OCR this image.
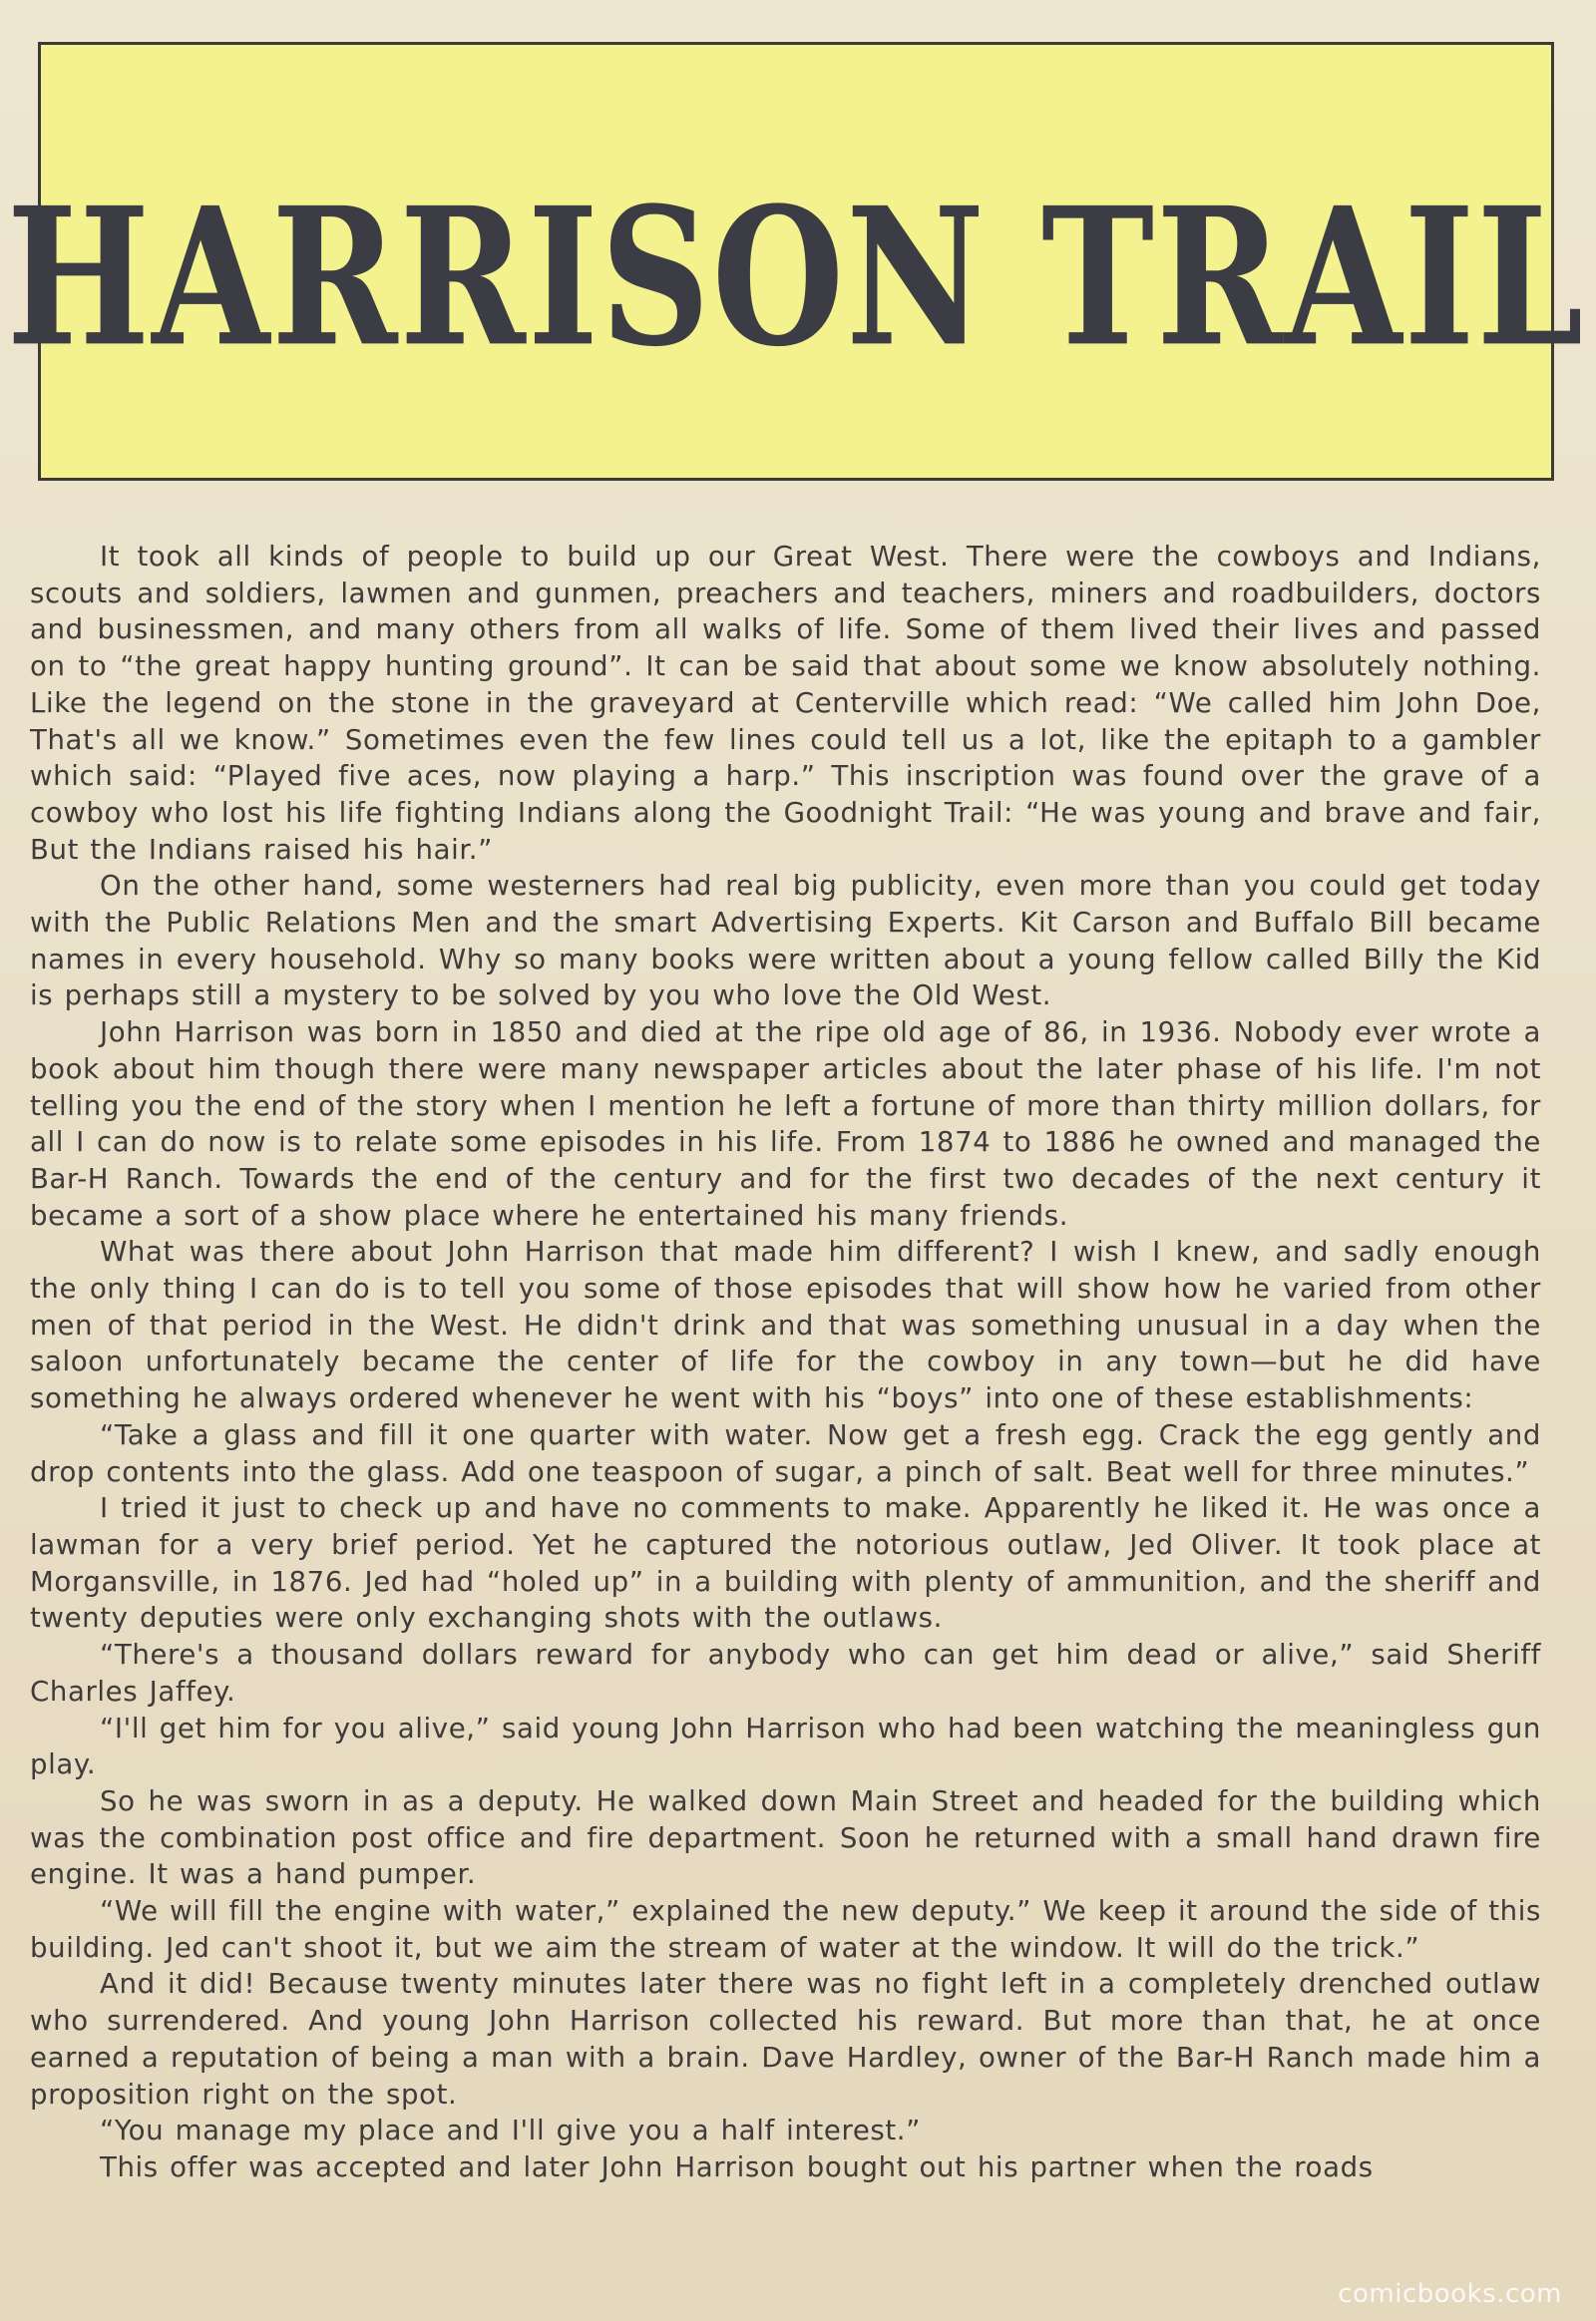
HARRISON TRAIL

It took all kinds of people to build up our Great West. There were the cowboys and Indians, scouts and soldiers, lawmen and gunmen, preachers and teachers, miners and roadbuilders, doctors and businessmen, and many others from all walks of life. Some of them lived their lives and passed on to “the great happy hunting ground”. It can be said that about some we know absolutely nothing. Like the legend on the stone in the graveyard at Centerville which read: “We called him John Doe, That's all we know.” Sometimes even the few lines could tell us a lot, like the epitaph to a gambler which said: “Played five aces, now playing a harp.” This inscription was found over the grave of a cowboy who lost his life fighting Indians along the Goodnight Trail: “He was young and brave and fair, But the Indians raised his hair.”

On the other hand, some westerners had real big publicity, even more than you could get today with the Public Relations Men and the smart Advertising Experts. Kit Carson and Buffalo Bill became names in every household. Why so many books were written about a young fellow called Billy the Kid is perhaps still a mystery to be solved by you who love the Old West.

John Harrison was born in 1850 and died at the ripe old age of 86, in 1936. Nobody ever wrote a book about him though there were many newspaper articles about the later phase of his life. I'm not telling you the end of the story when I mention he left a fortune of more than thirty million dollars, for all I can do now is to relate some episodes in his life. From 1874 to 1886 he owned and managed the Bar-H Ranch. Towards the end of the century and for the first two decades of the next century it became a sort of a show place where he entertained his many friends.

What was there about John Harrison that made him different? I wish I knew, and sadly enough the only thing I can do is to tell you some of those episodes that will show how he varied from other men of that period in the West. He didn't drink and that was something unusual in a day when the saloon unfortunately became the center of life for the cowboy in any town—but he did have something he always ordered whenever he went with his “boys” into one of these establishments:

“Take a glass and fill it one quarter with water. Now get a fresh egg. Crack the egg gently and drop contents into the glass. Add one teaspoon of sugar, a pinch of salt. Beat well for three minutes.”

I tried it just to check up and have no comments to make. Apparently he liked it. He was once a lawman for a very brief period. Yet he captured the notorious outlaw, Jed Oliver. It took place at Morgansville, in 1876. Jed had “holed up” in a building with plenty of ammunition, and the sheriff and twenty deputies were only exchanging shots with the outlaws.

“There's a thousand dollars reward for anybody who can get him dead or alive,” said Sheriff Charles Jaffey.

“I'll get him for you alive,” said young John Harrison who had been watching the meaningless gun play.

So he was sworn in as a deputy. He walked down Main Street and headed for the building which was the combination post office and fire department. Soon he returned with a small hand drawn fire engine. It was a hand pumper.

“We will fill the engine with water,” explained the new deputy.” We keep it around the side of this building. Jed can't shoot it, but we aim the stream of water at the window. It will do the trick.”

And it did! Because twenty minutes later there was no fight left in a completely drenched outlaw who surrendered. And young John Harrison collected his reward. But more than that, he at once earned a reputation of being a man with a brain. Dave Hardley, owner of the Bar-H Ranch made him a proposition right on the spot.

“You manage my place and I'll give you a half interest.”

This offer was accepted and later John Harrison bought out his partner when the roads

comicbooks.com
